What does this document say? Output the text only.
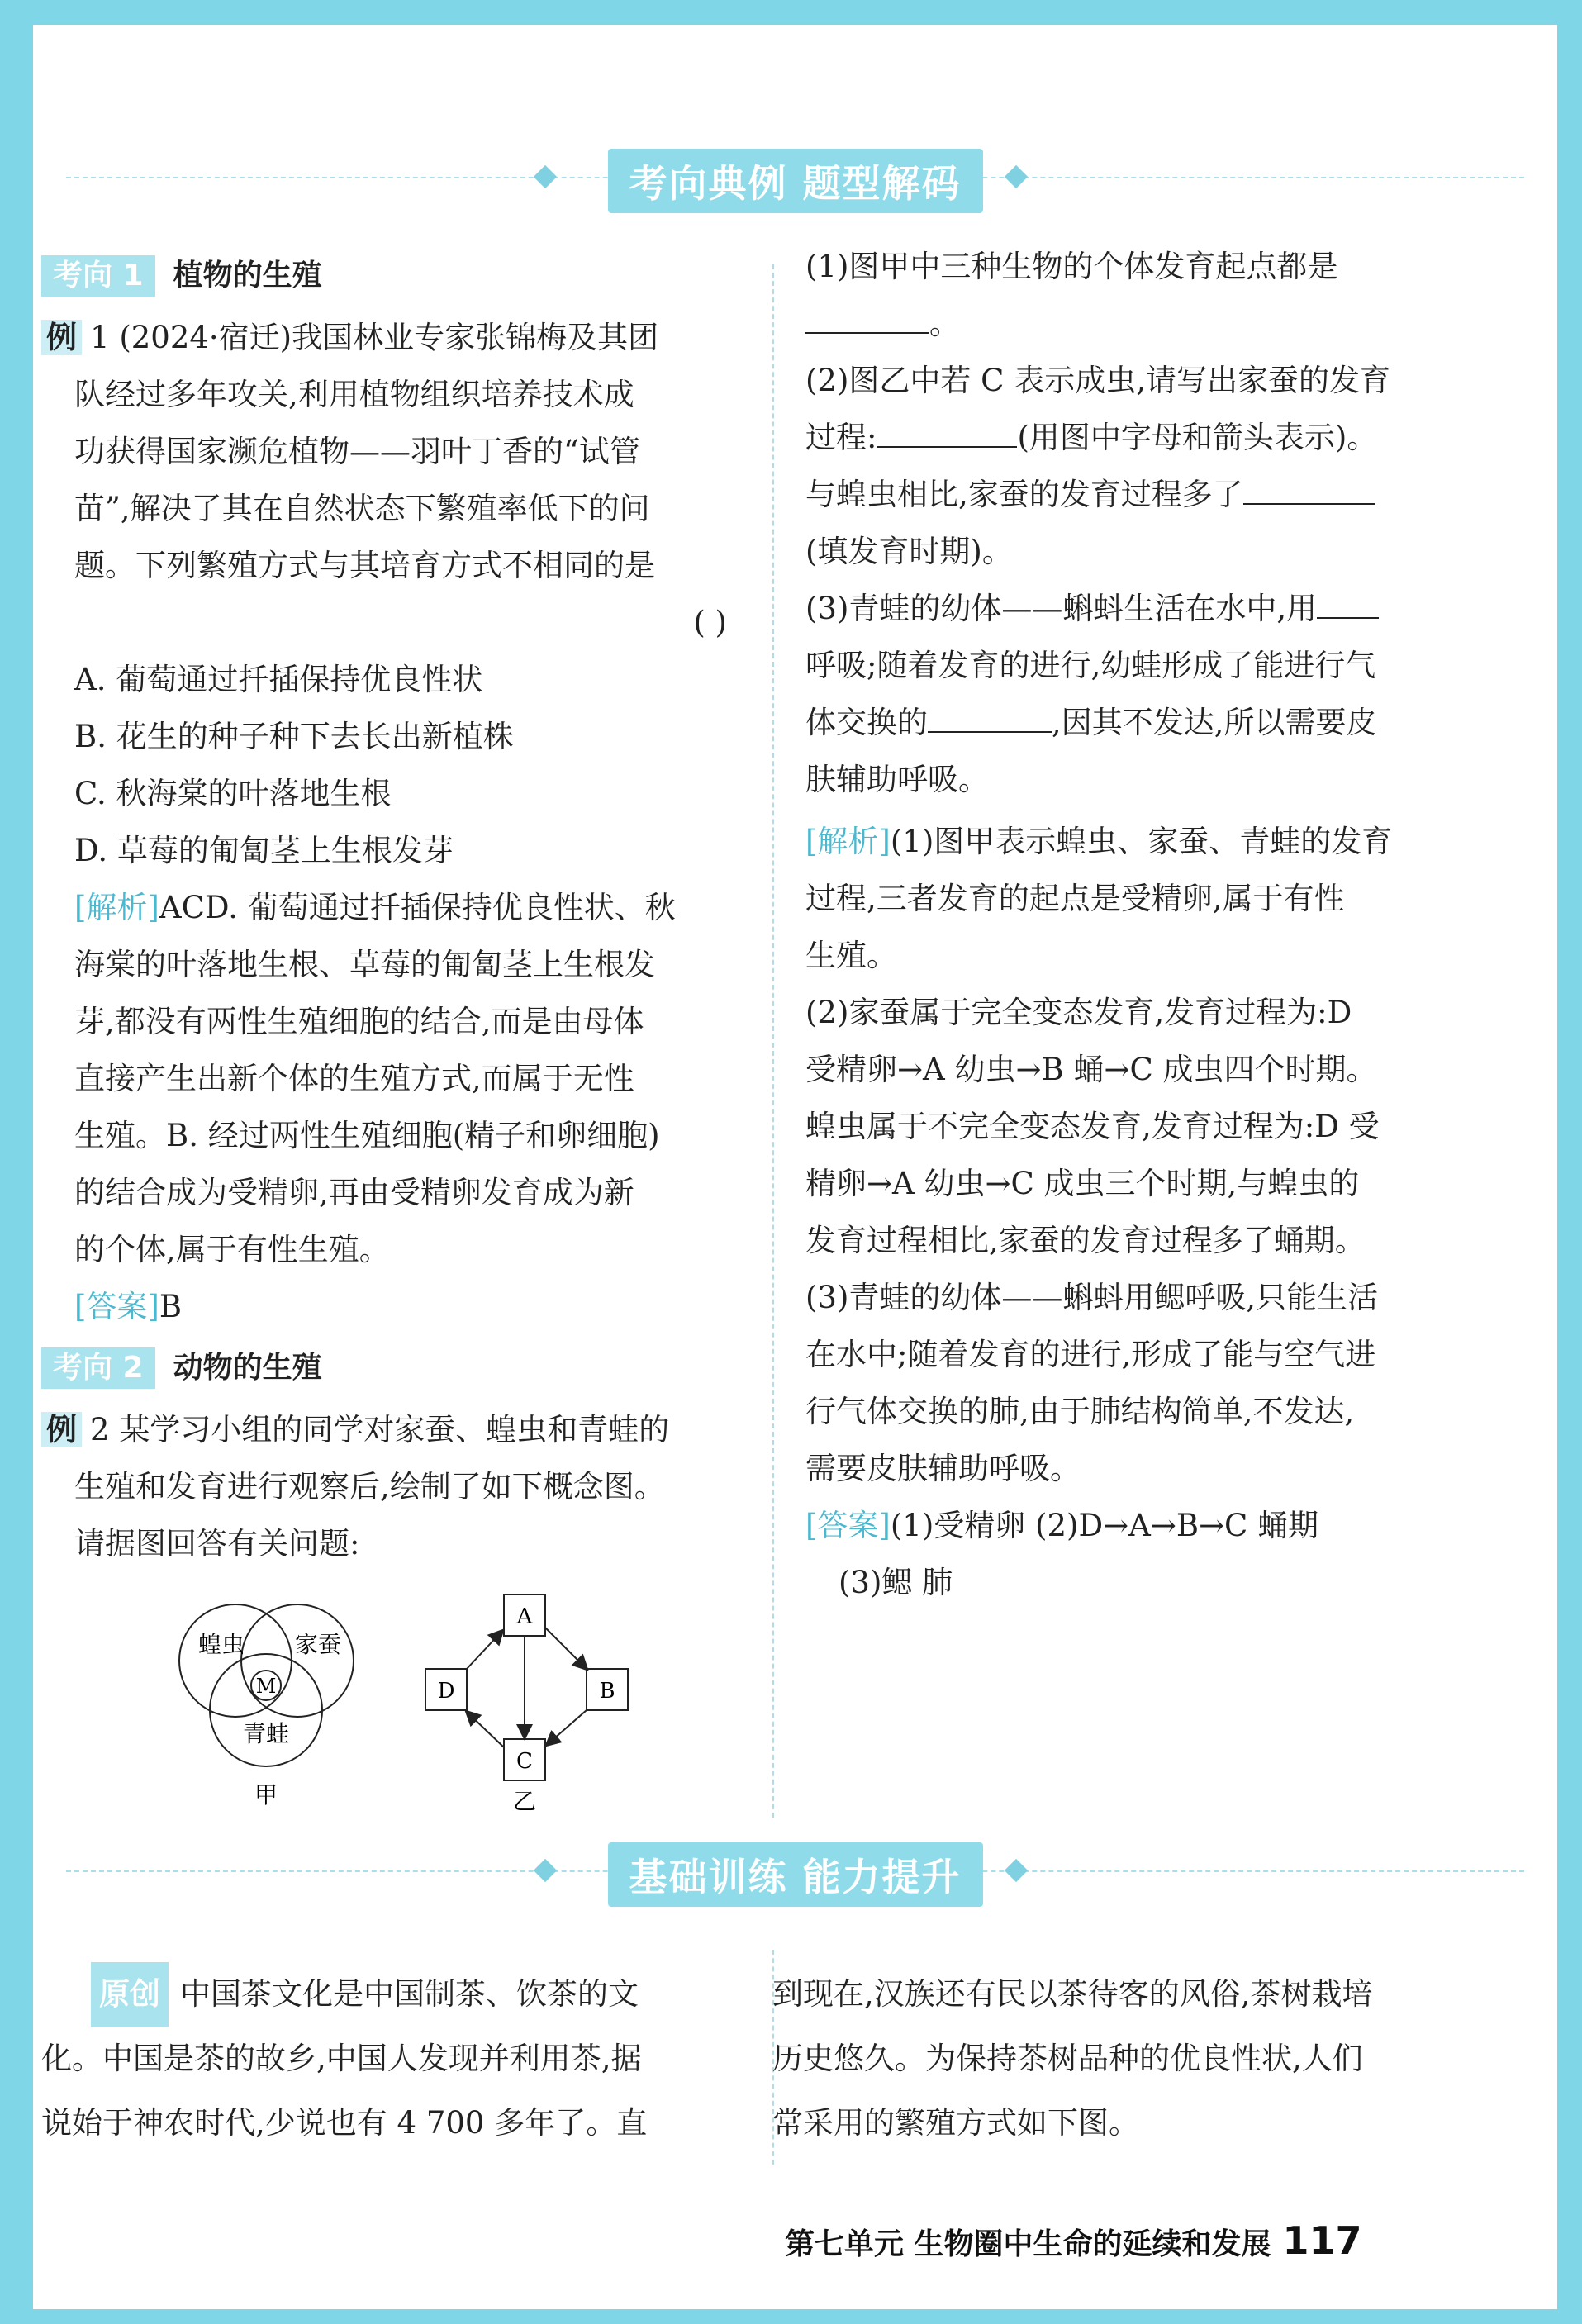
考向典例 题型解码

考向 1 植物的生殖

例 1 (2024·宿迁)我国林业专家张锦梅及其团

队经过多年攻关,利用植物组织培养技术成

功获得国家濒危植物——羽叶丁香的“试管

苗”,解决了其在自然状态下繁殖率低下的问

题。下列繁殖方式与其培育方式不相同的是

( )

A. 葡萄通过扦插保持优良性状

B. 花生的种子种下去长出新植株

C. 秋海棠的叶落地生根

D. 草莓的匍匐茎上生根发芽

[解析]ACD. 葡萄通过扦插保持优良性状、秋

海棠的叶落地生根、草莓的匍匐茎上生根发

芽,都没有两性生殖细胞的结合,而是由母体

直接产生出新个体的生殖方式,而属于无性

生殖。B. 经过两性生殖细胞(精子和卵细胞)

的结合成为受精卵,再由受精卵发育成为新

的个体,属于有性生殖。

[答案]B

考向 2 动物的生殖

例 2 某学习小组的同学对家蚕、蝗虫和青蛙的

生殖和发育进行观察后,绘制了如下概念图。

请据图回答有关问题:

蝗虫 家蚕
青蛙
M
甲
A
B
C
D
乙

(1)图甲中三种生物的个体发育起点都是

。

(2)图乙中若 C 表示成虫,请写出家蚕的发育

过程:	(用图中字母和箭头表示)。

与蝗虫相比,家蚕的发育过程多了

(填发育时期)。

(3)青蛙的幼体——蝌蚪生活在水中,用

呼吸;随着发育的进行,幼蛙形成了能进行气

体交换的	,因其不发达,所以需要皮

肤辅助呼吸。

[解析](1)图甲表示蝗虫、家蚕、青蛙的发育

过程,三者发育的起点是受精卵,属于有性

生殖。

(2)家蚕属于完全变态发育,发育过程为:D

受精卵→A 幼虫→B 蛹→C 成虫四个时期。

蝗虫属于不完全变态发育,发育过程为:D 受

精卵→A 幼虫→C 成虫三个时期,与蝗虫的

发育过程相比,家蚕的发育过程多了蛹期。

(3)青蛙的幼体——蝌蚪用鳃呼吸,只能生活

在水中;随着发育的进行,形成了能与空气进

行气体交换的肺,由于肺结构简单,不发达,

需要皮肤辅助呼吸。

[答案](1)受精卵 (2)D→A→B→C 蛹期

(3)鳃 肺

基础训练 能力提升

原创 中国茶文化是中国制茶、饮茶的文

化。中国是茶的故乡,中国人发现并利用茶,据

说始于神农时代,少说也有 4 700 多年了。直

到现在,汉族还有民以茶待客的风俗,茶树栽培

历史悠久。为保持茶树品种的优良性状,人们

常采用的繁殖方式如下图。

第七单元 生物圈中生命的延续和发展 117
